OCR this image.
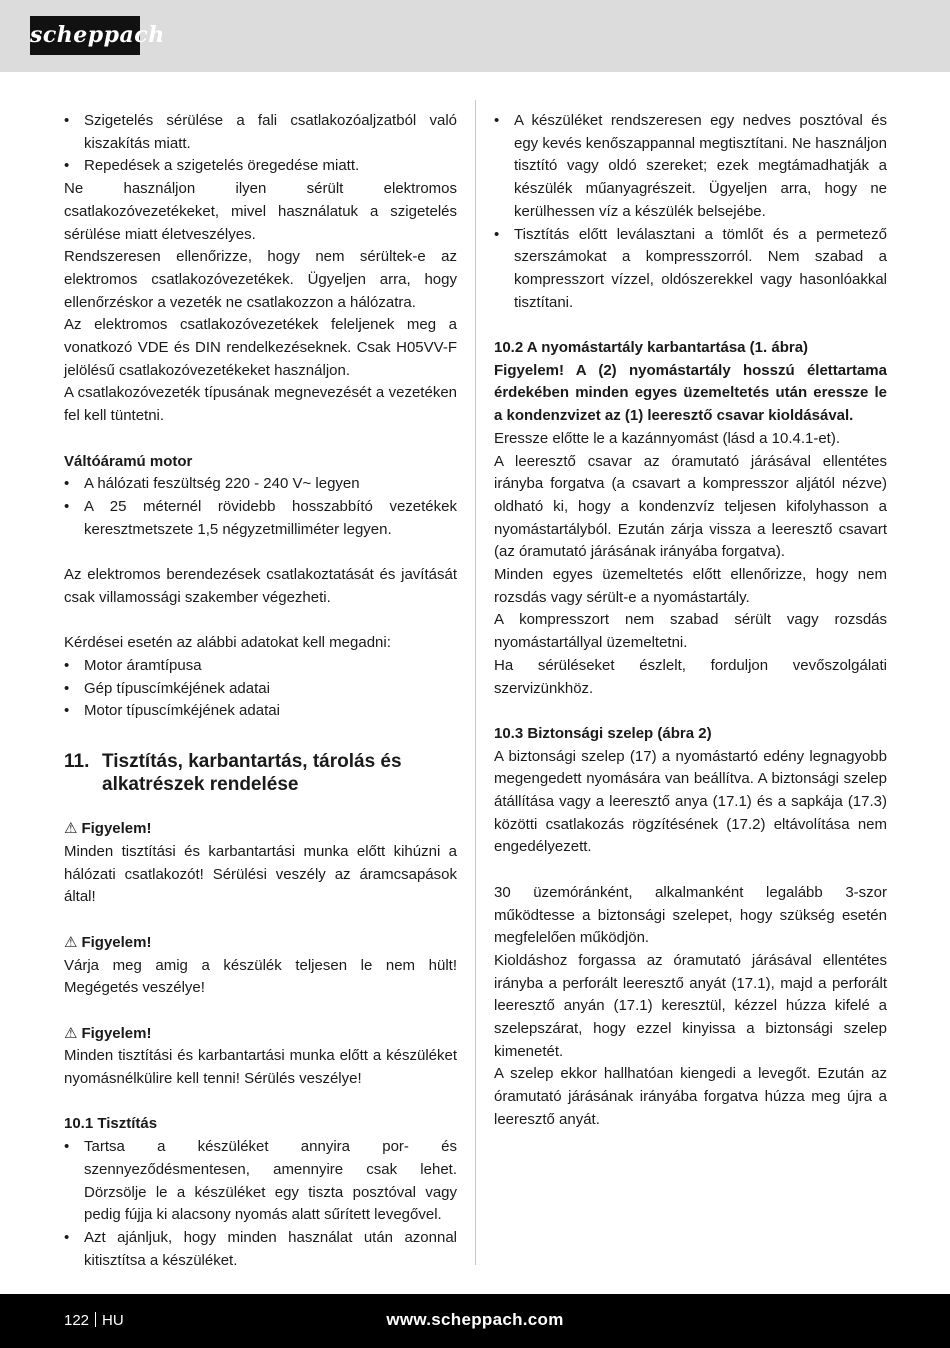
scheppach
• Szigetelés sérülése a fali csatlakozóaljzatból való kiszakítás miatt.
• Repedések a szigetelés öregedése miatt.

Ne használjon ilyen sérült elektromos csatlakozóvezetékeket, mivel használatuk a szigetelés sérülése miatt életveszélyes.

Rendszeresen ellenőrizze, hogy nem sérültek-e az elektromos csatlakozóvezetékek. Ügyeljen arra, hogy ellenőrzéskor a vezeték ne csatlakozzon a hálózatra.

Az elektromos csatlakozóvezetékek feleljenek meg a vonatkozó VDE és DIN rendelkezéseknek. Csak H05VV-F jelölésű csatlakozóvezetékeket használjon.

A csatlakozóvezeték típusának megnevezését a vezetéken fel kell tüntetni.

Váltóáramú motor

• A hálózati feszültség 220 - 240 V~ legyen
• A 25 méternél rövidebb hosszabbító vezetékek keresztmetszete 1,5 négyzetmilliméter legyen.

Az elektromos berendezések csatlakoztatását és javítását csak villamossági szakember végezheti.

Kérdései esetén az alábbi adatokat kell megadni:

• Motor áramtípusa
• Gép típuscímkéjének adatai
• Motor típuscímkéjének adatai
11. Tisztítás, karbantartás, tárolás és alkatrészek rendelése

⚠ Figyelem!

Minden tisztítási és karbantartási munka előtt kihúzni a hálózati csatlakozót! Sérülési veszély az áramcsapások által!

⚠ Figyelem!

Várja meg amig a készülék teljesen le nem hült! Megégetés veszélye!

⚠ Figyelem!

Minden tisztítási és karbantartási munka előtt a készüléket nyomásnélkülire kell tenni! Sérülés veszélye!

10.1 Tisztítás

• Tartsa a készüléket annyira por- és szennyeződésmentesen, amennyire csak lehet. Dörzsölje le a készüléket egy tiszta posztóval vagy pedig fújja ki alacsony nyomás alatt sűrített levegővel.
• Azt ajánljuk, hogy minden használat után azonnal kitisztítsa a készüléket.
• A készüléket rendszeresen egy nedves posztóval és egy kevés kenőszappannal megtisztítani. Ne használjon tisztító vagy oldó szereket; ezek megtámadhatják a készülék műanyagrészeit. Ügyeljen arra, hogy ne kerülhessen víz a készülék belsejébe.
• Tisztítás előtt leválasztani a tömlőt és a permetező szerszámokat a kompresszorról. Nem szabad a kompresszort vízzel, oldószerekkel vagy hasonlóakkal tisztítani.

10.2 A nyomástartály karbantartása (1. ábra)

Figyelem! A (2) nyomástartály hosszú élettartama érdekében minden egyes üzemeltetés után eressze le a kondenzvizet az (1) leeresztő csavar kioldásával.

Eressze előtte le a kazánnyomást (lásd a 10.4.1-et).

A leeresztő csavar az óramutató járásával ellentétes irányba forgatva (a csavart a kompresszor aljától nézve) oldható ki, hogy a kondenzvíz teljesen kifolyhasson a nyomástartályból. Ezután zárja vissza a leeresztő csavart (az óramutató járásának irányába forgatva).

Minden egyes üzemeltetés előtt ellenőrizze, hogy nem rozsdás vagy sérült-e a nyomástartály.

A kompresszort nem szabad sérült vagy rozsdás nyomástartállyal üzemeltetni.

Ha sérüléseket észlelt, forduljon vevőszolgálati szervizünkhöz.

10.3 Biztonsági szelep (ábra 2)

A biztonsági szelep (17) a nyomástartó edény legnagyobb megengedett nyomására van beállítva. A biztonsági szelep átállítása vagy a leeresztő anya (17.1) és a sapkája (17.3) közötti csatlakozás rögzítésének (17.2) eltávolítása nem engedélyezett.

30 üzemóránként, alkalmanként legalább 3-szor működtesse a biztonsági szelepet, hogy szükség esetén megfelelően működjön.

Kioldáshoz forgassa az óramutató járásával ellentétes irányba a perforált leeresztő anyát (17.1), majd a perforált leeresztő anyán (17.1) keresztül, kézzel húzza kifelé a szelepszárat, hogy ezzel kinyissa a biztonsági szelep kimenetét.

A szelep ekkor hallhatóan kiengedi a levegőt. Ezután az óramutató járásának irányába forgatva húzza meg újra a leeresztő anyát.

122 HU	www.scheppach.com
